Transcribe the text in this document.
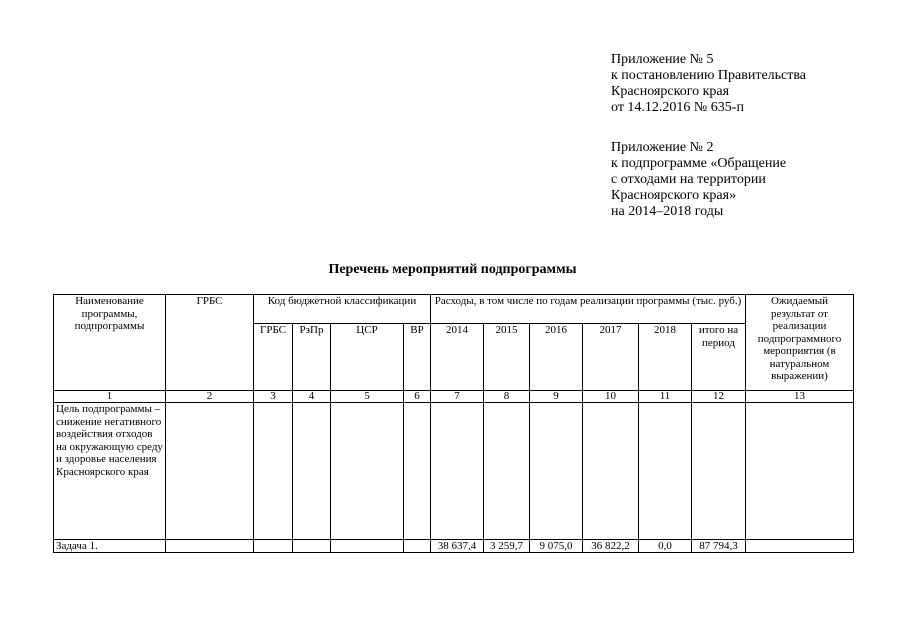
Приложение № 5
к постановлению Правительства
Красноярского края
от 14.12.2016 № 635-п
Приложение № 2
к подпрограмме «Обращение
с отходами на территории
Красноярского края»
на 2014–2018 годы
Перечень мероприятий подпрограммы
Наименование программы, подпрограммы	ГРБС	Код бюджетной классификации				Расходы, в том числе по годам реализации программы (тыс. руб.)						Ожидаемый результат от реализации подпрограммного мероприятия (в натуральном выражении)
		ГРБС	РзПр	ЦСР	ВР	2014	2015	2016	2017	2018	итого на период	
1	2	3	4	5	6	7	8	9	10	11	12	13
Цель подпрограммы – снижение негативного воздействия отходов на окружающую среду и здоровье населения Красноярского края												
Задача 1.						38 637,4	3 259,7	9 075,0	36 822,2	0,0	87 794,3	
